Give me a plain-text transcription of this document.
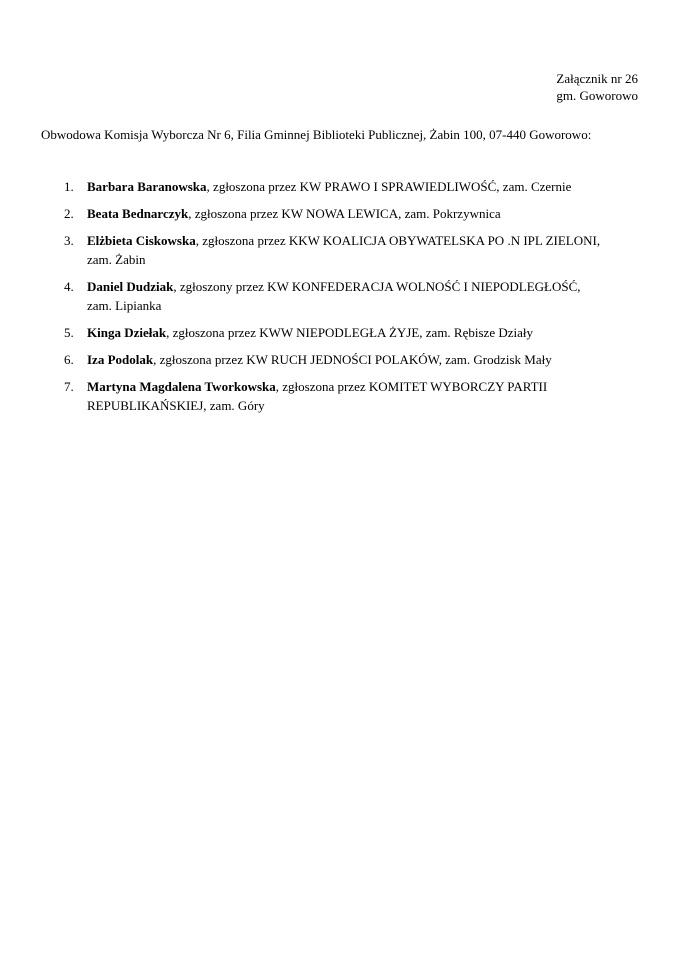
Załącznik nr 26
gm. Goworowo
Obwodowa Komisja Wyborcza Nr 6, Filia Gminnej Biblioteki Publicznej, Żabin 100, 07-440 Goworowo:
1. Barbara Baranowska, zgłoszona przez KW PRAWO I SPRAWIEDLIWOŚĆ, zam. Czernie
2. Beata Bednarczyk, zgłoszona przez KW NOWA LEWICA, zam. Pokrzywnica
3. Elżbieta Ciskowska, zgłoszona przez KKW KOALICJA OBYWATELSKA PO .N IPL ZIELONI,
zam. Żabin
4. Daniel Dudziak, zgłoszony przez KW KONFEDERACJA WOLNOŚĆ I NIEPODLEGŁOŚĆ,
zam. Lipianka
5. Kinga Dziełak, zgłoszona przez KWW NIEPODLEGŁA ŻYJE, zam. Rębisze Działy
6. Iza Podolak, zgłoszona przez KW RUCH JEDNOŚCI POLAKÓW, zam. Grodzisk Mały
7. Martyna Magdalena Tworkowska, zgłoszona przez KOMITET WYBORCZY PARTII
REPUBLIKAŃSKIEJ, zam. Góry
